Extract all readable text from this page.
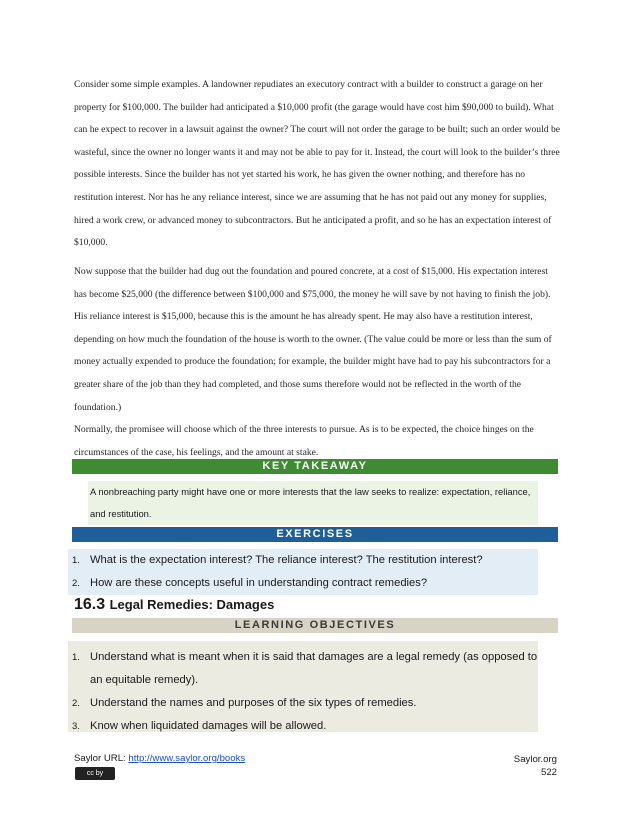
Consider some simple examples. A landowner repudiates an executory contract with a builder to construct a garage on her property for $100,000. The builder had anticipated a $10,000 profit (the garage would have cost him $90,000 to build). What can he expect to recover in a lawsuit against the owner? The court will not order the garage to be built; such an order would be wasteful, since the owner no longer wants it and may not be able to pay for it. Instead, the court will look to the builder’s three possible interests. Since the builder has not yet started his work, he has given the owner nothing, and therefore has no restitution interest. Nor has he any reliance interest, since we are assuming that he has not paid out any money for supplies, hired a work crew, or advanced money to subcontractors. But he anticipated a profit, and so he has an expectation interest of $10,000.

Now suppose that the builder had dug out the foundation and poured concrete, at a cost of $15,000. His expectation interest has become $25,000 (the difference between $100,000 and $75,000, the money he will save by not having to finish the job). His reliance interest is $15,000, because this is the amount he has already spent. He may also have a restitution interest, depending on how much the foundation of the house is worth to the owner. (The value could be more or less than the sum of money actually expended to produce the foundation; for example, the builder might have had to pay his subcontractors for a greater share of the job than they had completed, and those sums therefore would not be reflected in the worth of the foundation.)

Normally, the promisee will choose which of the three interests to pursue. As is to be expected, the choice hinges on the circumstances of the case, his feelings, and the amount at stake.

KEY TAKEAWAY
A nonbreaching party might have one or more interests that the law seeks to realize: expectation, reliance, and restitution.
EXERCISES
1. What is the expectation interest? The reliance interest? The restitution interest?
2. How are these concepts useful in understanding contract remedies?
16.3 Legal Remedies: Damages
LEARNING OBJECTIVES
1. Understand what is meant when it is said that damages are a legal remedy (as opposed to an equitable remedy).
2. Understand the names and purposes of the six types of remedies.
3. Know when liquidated damages will be allowed.
Saylor URL: http://www.saylor.org/books
cc by
Saylor.org
522
